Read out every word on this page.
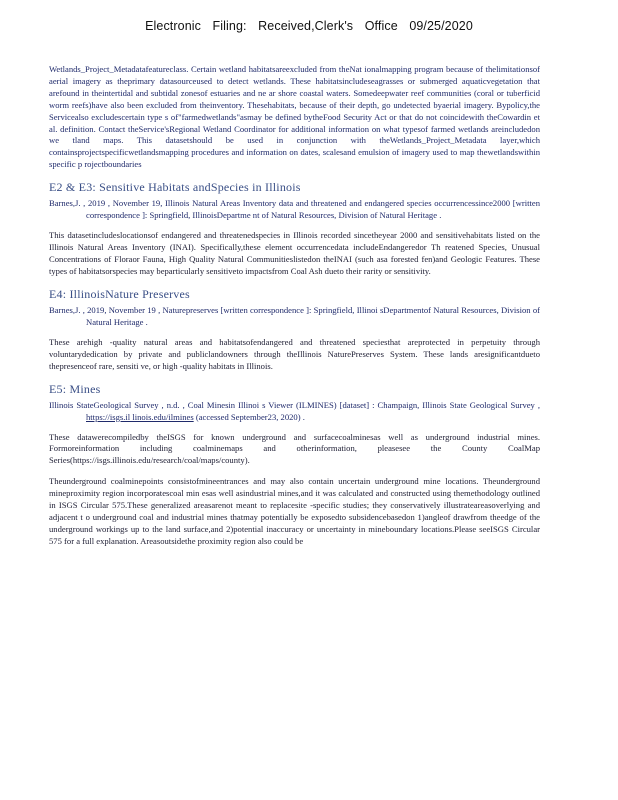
Electronic Filing: Received,Clerk's Office 09/25/2020

Wetlands_Project_Metadatafeatureclass. Certain wetland habitatsareexcluded from theNat ionalmapping program because of thelimitationsof aerial imagery as theprimary datasourceused to detect wetlands. These habitatsincludeseagrasses or submerged aquaticvegetation that arefound in theintertidal and subtidal zonesof estuaries and ne ar shore coastal waters. Somedeepwater reef communities (coral or tuberficid worm reefs)have also been excluded from theinventory. Thesehabitats, because of their depth, go undetected byaerial imagery. Bypolicy,the Servicealso excludescertain type s of"farmedwetlands"asmay be defined bytheFood Security Act or that do not coincidewith theCowardin et al. definition. Contact theService'sRegional Wetland Coordinator for additional information on what typesof farmed wetlands areincludedon we tland maps. This datasetshould be used in conjunction with theWetlands_Project_Metadata layer,which containsprojectspecificwetlandsmapping procedures and information on dates, scalesand emulsion of imagery used to map thewetlandswithin specific p rojectboundaries

E2 & E3: Sensitive Habitats andSpecies in Illinois

Barnes,J. , 2019 , November 19, Illinois Natural Areas Inventory data and threatened and endangered species occurrencessince2000 [written correspondence ]: Springfield, IllinoisDepartme nt of Natural Resources, Division of Natural Heritage .

This datasetincludeslocationsof endangered and threatenedspecies in Illinois recorded sincetheyear 2000 and sensitivehabitats listed on the Illinois Natural Areas Inventory (INAI). Specifically,these element occurrencedata includeEndangeredor Th reatened Species, Unusual Concentrations of Floraor Fauna, High Quality Natural Communitieslistedon theINAI (such asa forested fen)and Geologic Features. These types of habitatsorspecies may beparticularly sensitiveto impactsfrom Coal Ash dueto their rarity or sensitivity.

E4: IllinoisNature Preserves

Barnes,J. , 2019, November 19 , Naturepreserves [written correspondence ]: Springfield, Illinoi sDepartmentof Natural Resources, Division of Natural Heritage .

These arehigh -quality natural areas and habitatsofendangered and threatened speciesthat areprotected in perpetuity through voluntarydedication by private and publiclandowners through theIllinois NaturePreserves System. These lands aresignificantdueto thepresenceof rare, sensiti ve, or high -quality habitats in Illinois.

E5: Mines

Illinois StateGeological Survey , n.d. , Coal Minesin Illinoi s Viewer (ILMINES) [dataset] : Champaign, Illinois State Geological Survey , https://isgs.il linois.edu/ilmines (accessed September23, 2020) .

These datawerecompiledby theISGS for known underground and surfacecoalminesas well as underground industrial mines. Formoreinformation including coalminemaps and otherinformation, pleasesee the County CoalMap Series(https://isgs.illinois.edu/research/coal/maps/county).

Theunderground coalminepoints consistofmineentrances and may also contain uncertain underground mine locations. Theunderground mineproximity region incorporatescoal min esas well asindustrial mines,and it was calculated and constructed using themethodology outlined in ISGS Circular 575.These generalized areasarenot meant to replacesite -specific studies; they conservatively illustrateareasoverlying and adjacent t o underground coal and industrial mines thatmay potentially be exposedto subsidencebasedon 1)angleof drawfrom theedge of the underground workings up to the land surface,and 2)potential inaccuracy or uncertainty in mineboundary locations.Please seeISGS Circular 575 for a full explanation. Areasoutsidethe proximity region also could be
